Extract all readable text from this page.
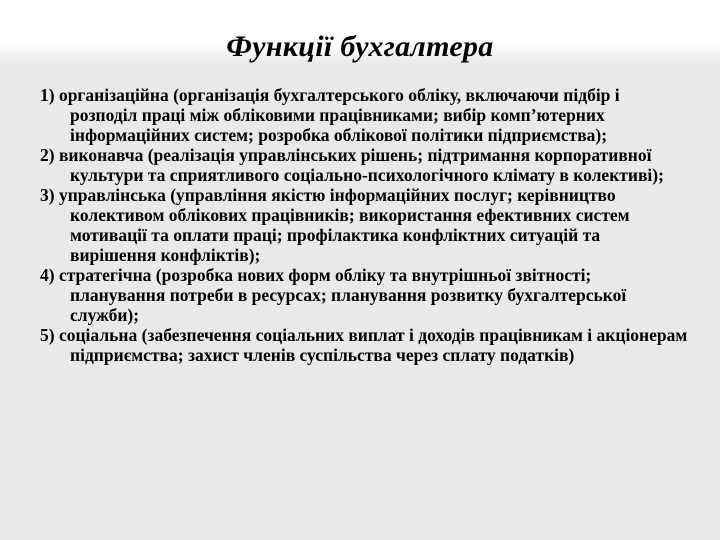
Функції бухгалтера

1) організаційна (організація бухгалтерського обліку, включаючи підбір і розподіл праці між обліковими працівниками; вибір комп’ютерних інформаційних систем; розробка облікової політики підприємства);

2) виконавча (реалізація управлінських рішень; підтримання корпоративної культури та сприятливого соціально-психологічного клімату в колективі);

3) управлінська (управління якістю інформаційних послуг; керівництво колективом облікових працівників; використання ефективних систем мотивації та оплати праці; профілактика конфліктних ситуацій та вирішення конфліктів);

4) стратегічна (розробка нових форм обліку та внутрішньої звітності; планування потреби в ресурсах; планування розвитку бухгалтерської служби);

5) соціальна (забезпечення соціальних виплат і доходів працівникам і акціонерам підприємства; захист членів суспільства через сплату податків)
